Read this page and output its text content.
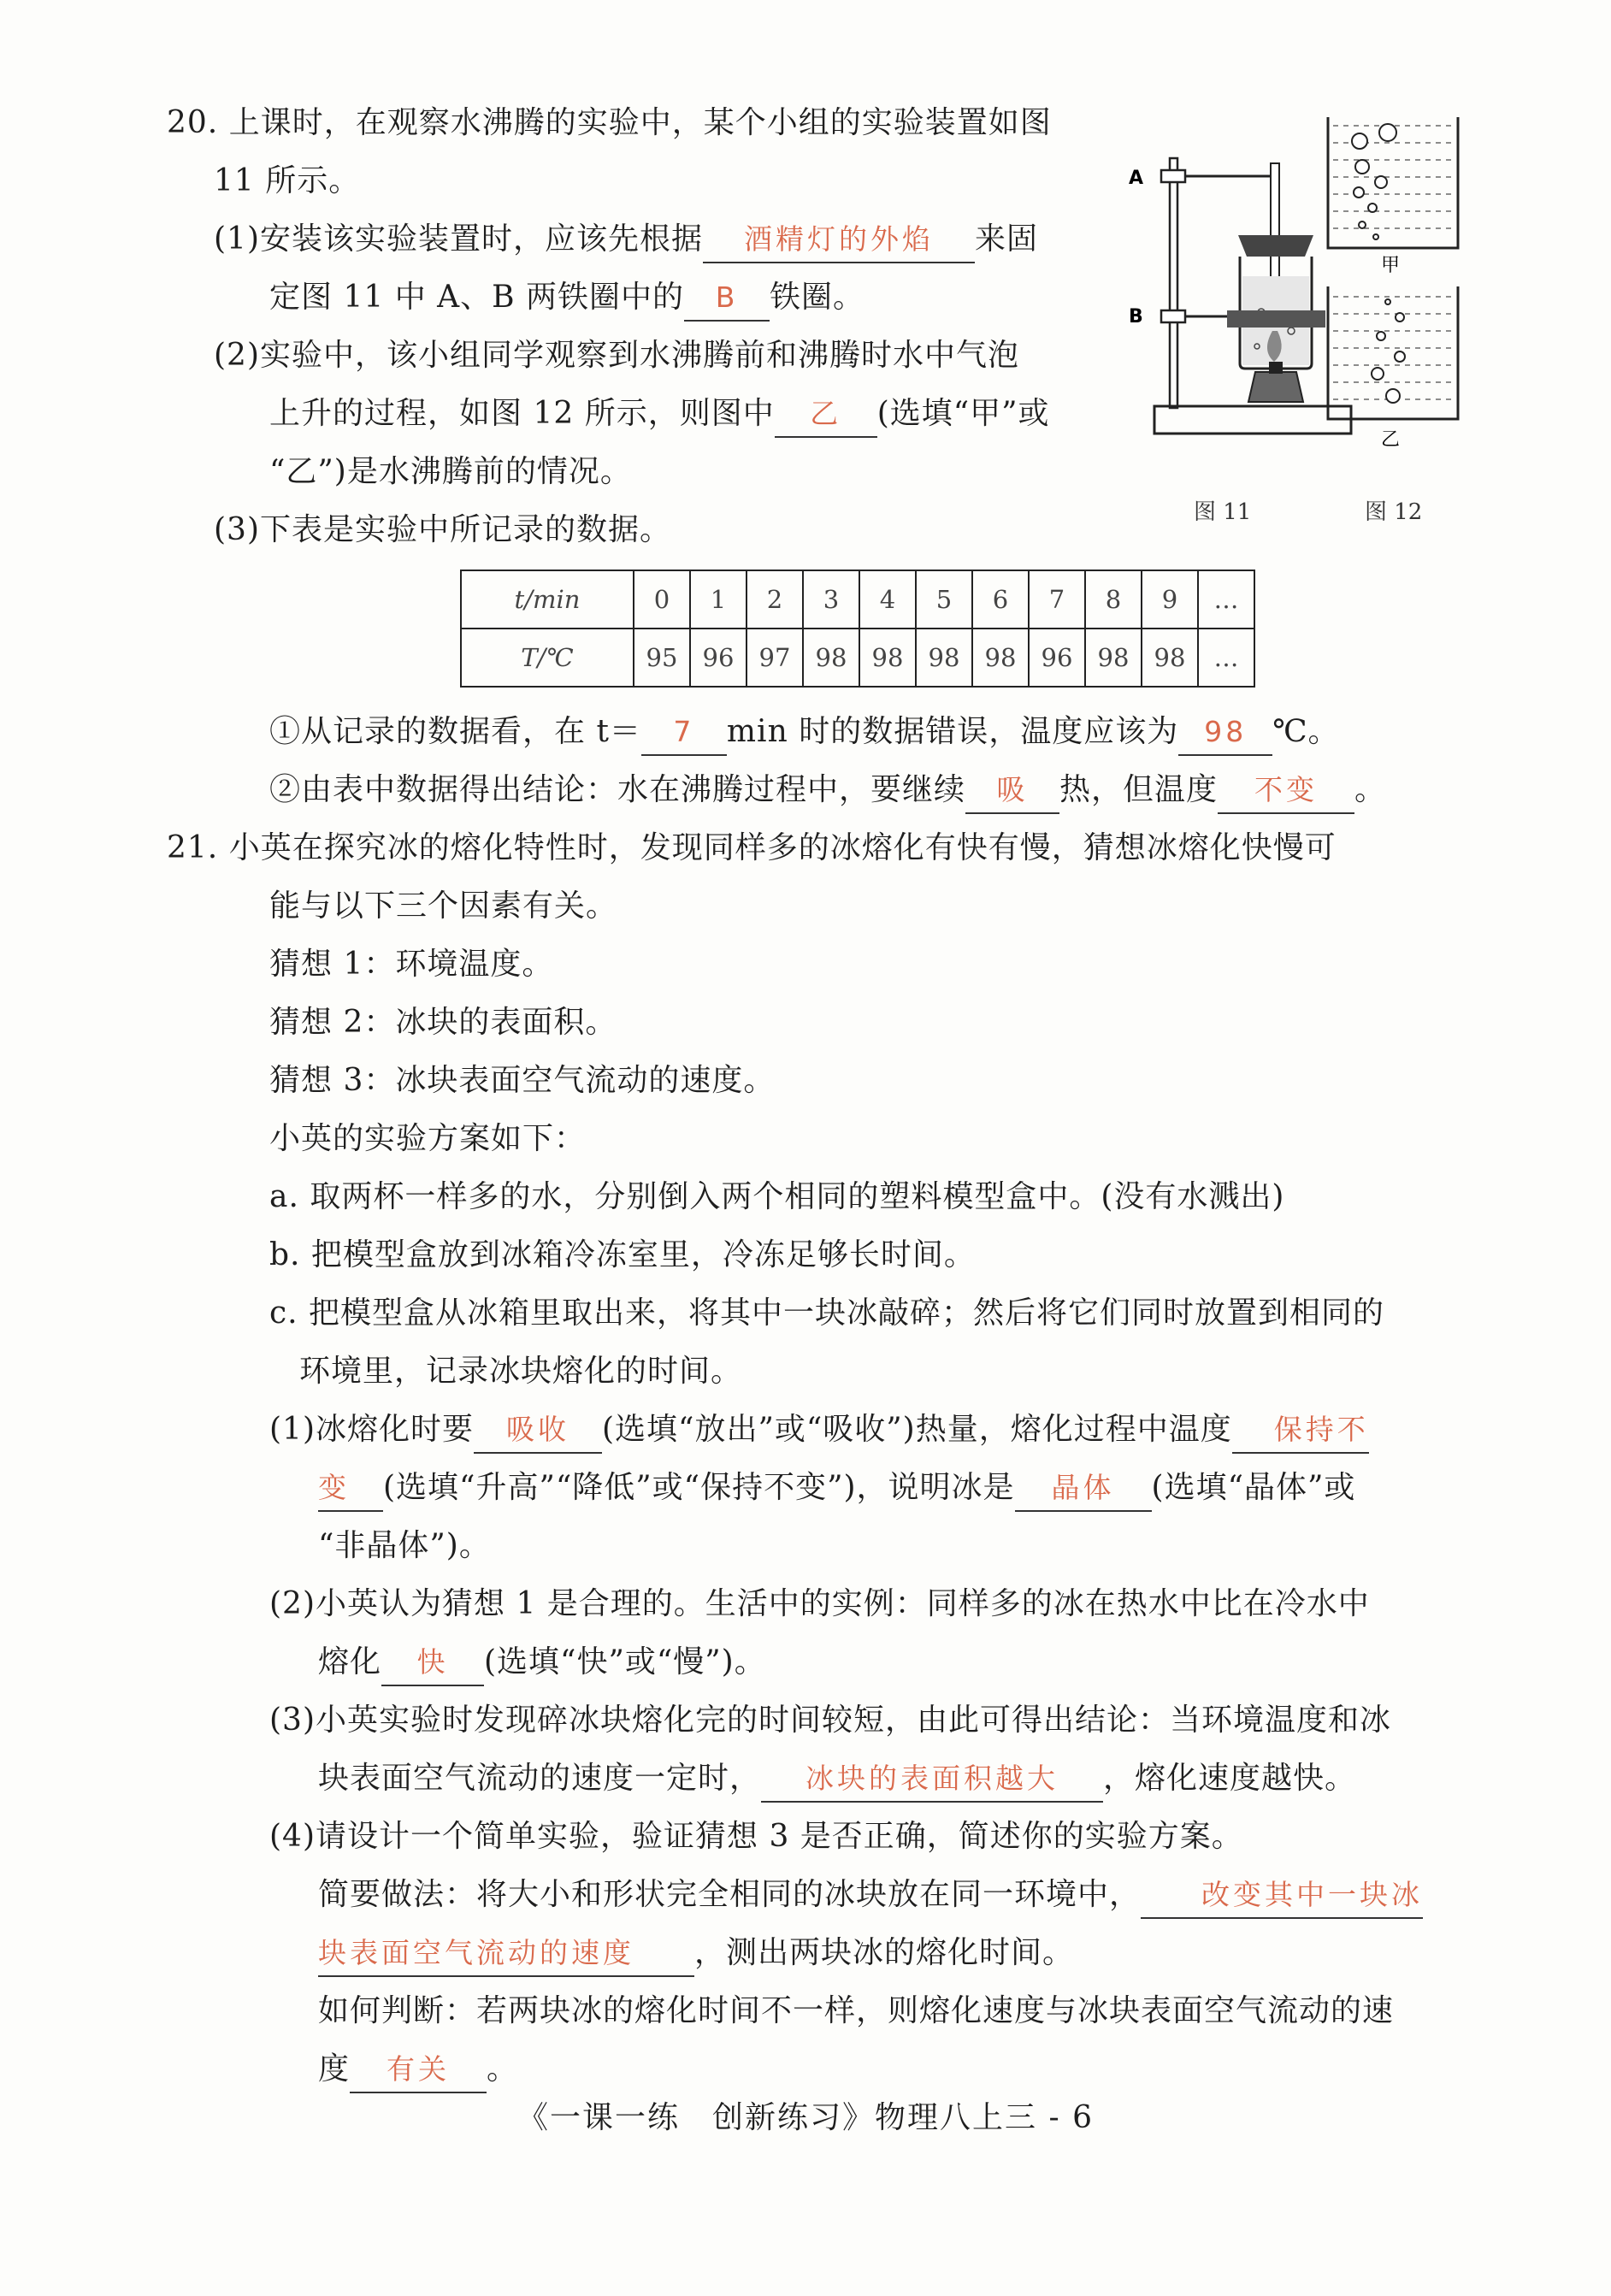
20. 上课时，在观察水沸腾的实验中，某个小组的实验装置如图
11 所示。
(1)安装该实验装置时，应该先根据 酒精灯的外焰 来固
定图 11 中 A、B 两铁圈中的 B 铁圈。
(2)实验中，该小组同学观察到水沸腾前和沸腾时水中气泡
上升的过程，如图 12 所示，则图中 乙 (选填“甲”或
“乙”)是水沸腾前的情况。
(3)下表是实验中所记录的数据。
t/min	0	1	2	3	4	5	6	7	8	9	…
T/℃	95	96	97	98	98	98	98	96	98	98	…
①从记录的数据看，在 t＝ 7 min 时的数据错误，温度应该为 98 ℃。
②由表中数据得出结论：水在沸腾过程中，要继续 吸 热，但温度 不变 。
A
B
甲
乙
图 11	图 12
21. 小英在探究冰的熔化特性时，发现同样多的冰熔化有快有慢，猜想冰熔化快慢可
能与以下三个因素有关。
猜想 1：环境温度。
猜想 2：冰块的表面积。
猜想 3：冰块表面空气流动的速度。
小英的实验方案如下：
a. 取两杯一样多的水，分别倒入两个相同的塑料模型盒中。(没有水溅出)
b. 把模型盒放到冰箱冷冻室里，冷冻足够长时间。
c. 把模型盒从冰箱里取出来，将其中一块冰敲碎；然后将它们同时放置到相同的
环境里，记录冰块熔化的时间。
(1)冰熔化时要 吸收 (选填“放出”或“吸收”)热量，熔化过程中温度 保持不
变 (选填“升高”“降低”或“保持不变”)，说明冰是 晶体 (选填“晶体”或
“非晶体”)。
(2)小英认为猜想 1 是合理的。生活中的实例：同样多的冰在热水中比在冷水中
熔化 快 (选填“快”或“慢”)。
(3)小英实验时发现碎冰块熔化完的时间较短，由此可得出结论：当环境温度和冰
块表面空气流动的速度一定时， 冰块的表面积越大 ，熔化速度越快。
(4)请设计一个简单实验，验证猜想 3 是否正确，简述你的实验方案。
简要做法：将大小和形状完全相同的冰块放在同一环境中， 改变其中一块冰
块表面空气流动的速度 ，测出两块冰的熔化时间。
如何判断：若两块冰的熔化时间不一样，则熔化速度与冰块表面空气流动的速
度 有关 。
《一课一练　创新练习》物理八上三 - 6
